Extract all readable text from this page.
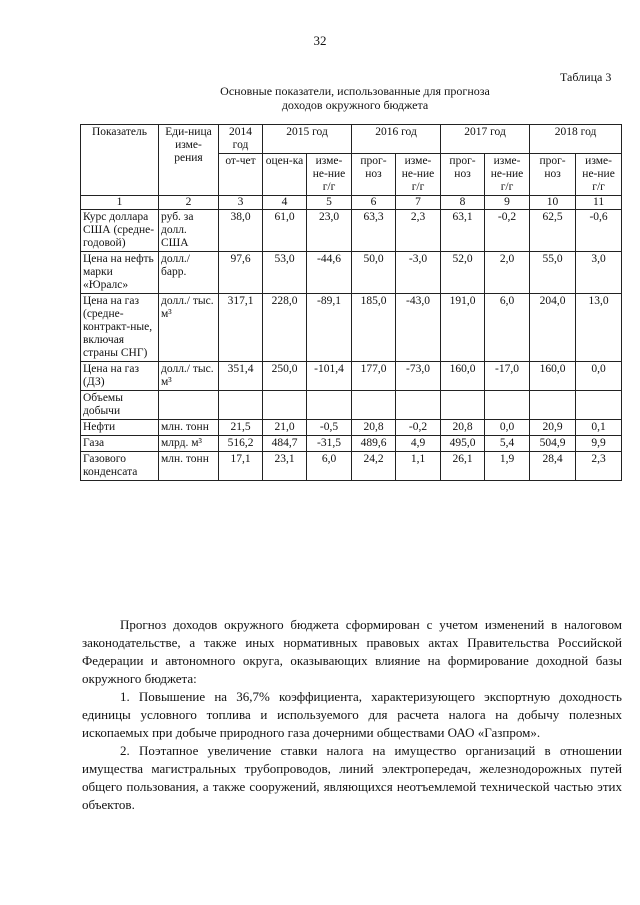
32
Таблица 3
Основные показатели, использованные для прогноза
доходов окружного бюджета
Показатель	Еди-ница изме-рения	2014 год	2015 год		2016 год		2017 год		2018 год	
		от-чет	оцен-ка	изме-не-ние г/г	прог-ноз	изме-не-ние г/г	прог-ноз	изме-не-ние г/г	прог-ноз	изме-не-ние г/г
1	2	3	4	5	6	7	8	9	10	11
Курс доллара США (средне-годовой)	руб. за долл. США	38,0	61,0	23,0	63,3	2,3	63,1	-0,2	62,5	-0,6
Цена на нефть марки «Юралс»	долл./ барр.	97,6	53,0	-44,6	50,0	-3,0	52,0	2,0	55,0	3,0
Цена на газ (средне-контракт-ные, включая страны СНГ)	долл./ тыс. м³	317,1	228,0	-89,1	185,0	-43,0	191,0	6,0	204,0	13,0
Цена на газ (ДЗ)	долл./ тыс. м³	351,4	250,0	-101,4	177,0	-73,0	160,0	-17,0	160,0	0,0
Объемы добычи										
Нефти	млн. тонн	21,5	21,0	-0,5	20,8	-0,2	20,8	0,0	20,9	0,1
Газа	млрд. м³	516,2	484,7	-31,5	489,6	4,9	495,0	5,4	504,9	9,9
Газового конденсата	млн. тонн	17,1	23,1	6,0	24,2	1,1	26,1	1,9	28,4	2,3

Прогноз доходов окружного бюджета сформирован с учетом изменений в налоговом законодательстве, а также иных нормативных правовых актах Правительства Российской Федерации и автономного округа, оказывающих влияние на формирование доходной базы окружного бюджета:

1. Повышение на 36,7% коэффициента, характеризующего экспортную доходность единицы условного топлива и используемого для расчета налога на добычу полезных ископаемых при добыче природного газа дочерними обществами ОАО «Газпром».

2. Поэтапное увеличение ставки налога на имущество организаций в отношении имущества магистральных трубопроводов, линий электропередач, железнодорожных путей общего пользования, а также сооружений, являющихся неотъемлемой технической частью этих объектов.
